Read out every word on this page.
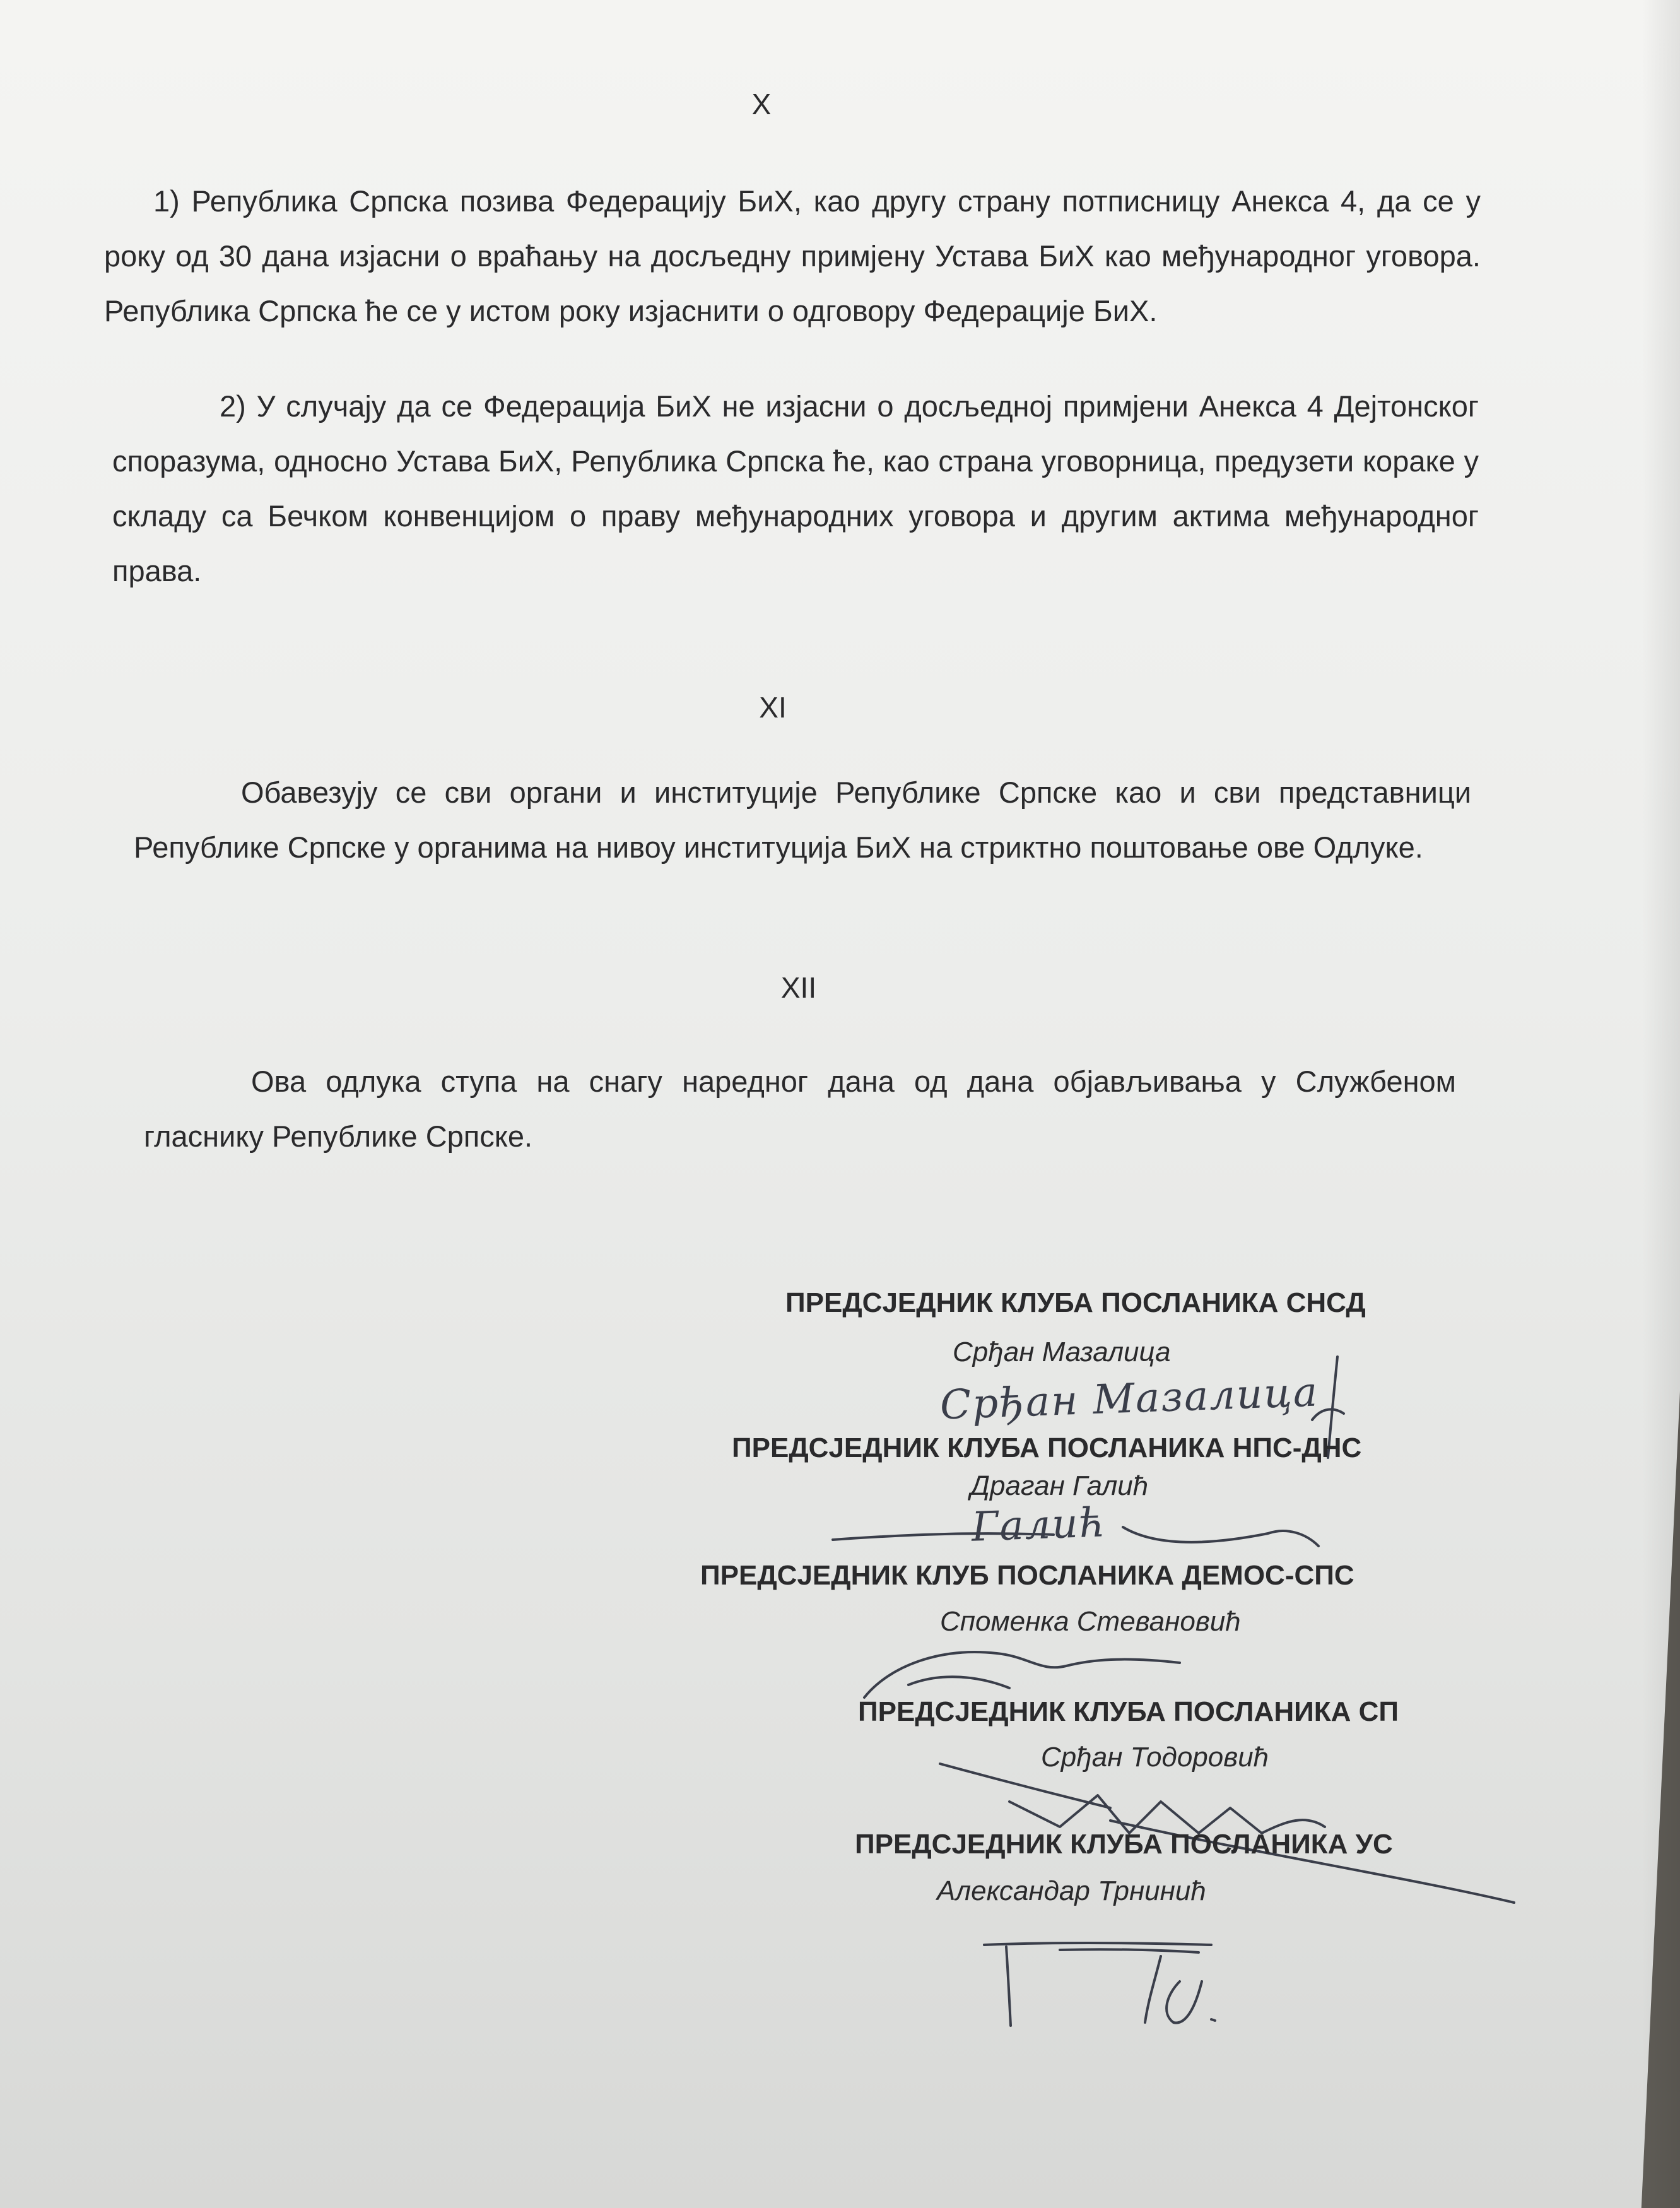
X

1) Република Српска позива Федерацију БиХ, као другу страну потписницу Анекса 4, да се у року од 30 дана изјасни о враћању на досљедну примјену Устава БиХ као међународног уговора. Република Српска ће се у истом року изјаснити о одговору Федерације БиХ.

2) У случају да се Федерација БиХ не изјасни о досљедној примјени Анекса 4 Дејтонског споразума, односно Устава БиХ, Република Српска ће, као страна уговорница, предузети кораке у складу са Бечком конвенцијом о праву међународних уговора и другим актима међународног права.

XI

Обавезују се сви органи и институције Републике Српске као и сви представници Републике Српске у органима на нивоу институција БиХ на стриктно поштовање ове Одлуке.

XII

Ова одлука ступа на снагу наредног дана од дана објављивања у Службеном гласнику Републике Српске.

ПРЕДСЈЕДНИК КЛУБА ПОСЛАНИКА СНСД
Срђан Мазалица
Срђан Мазалица
ПРЕДСЈЕДНИК КЛУБА ПОСЛАНИКА НПС-ДНС
Драган Галић
Галић
ПРЕДСЈЕДНИК КЛУБ ПОСЛАНИКА ДЕМОС-СПС
Споменка Стевановић
ПРЕДСЈЕДНИК КЛУБА ПОСЛАНИКА СП
Срђан Тодоровић
ПРЕДСЈЕДНИК КЛУБА ПОСЛАНИКА УС
Александар Трнинић
